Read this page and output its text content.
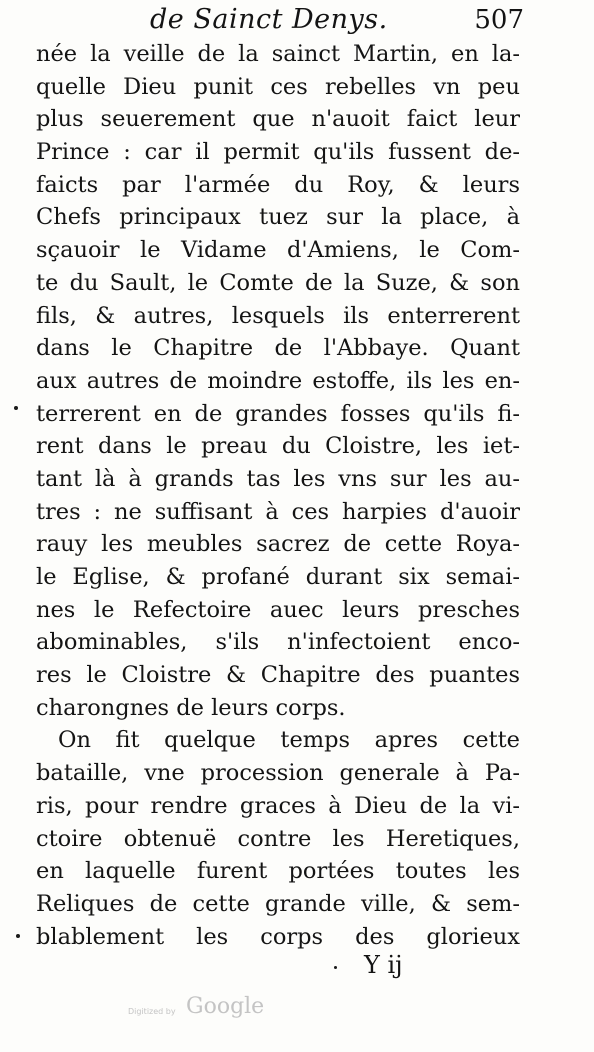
de Sainct Denys.	507
née la veille de la sainct Martin, en la-
quelle Dieu punit ces rebelles vn peu
plus seuerement que n'auoit faict leur
Prince : car il permit qu'ils fussent de-
faicts par l'armée du Roy, & leurs
Chefs principaux tuez sur la place, à
sçauoir le Vidame d'Amiens, le Com-
te du Sault, le Comte de la Suze, & son
fils, & autres, lesquels ils enterrerent
dans le Chapitre de l'Abbaye. Quant
aux autres de moindre estoffe, ils les en-
terrerent en de grandes fosses qu'ils fi-
rent dans le preau du Cloistre, les iet-
tant là à grands tas les vns sur les au-
tres : ne suffisant à ces harpies d'auoir
rauy les meubles sacrez de cette Roya-
le Eglise, & profané durant six semai-
nes le Refectoire auec leurs presches
abominables, s'ils n'infectoient enco-
res le Cloistre & Chapitre des puantes
charongnes de leurs corps.
On fit quelque temps apres cette
bataille, vne procession generale à Pa-
ris, pour rendre graces à Dieu de la vi-
ctoire obtenuë contre les Heretiques,
en laquelle furent portées toutes les
Reliques de cette grande ville, & sem-
blablement les corps des glorieux
Y ij
Digitized by Google
